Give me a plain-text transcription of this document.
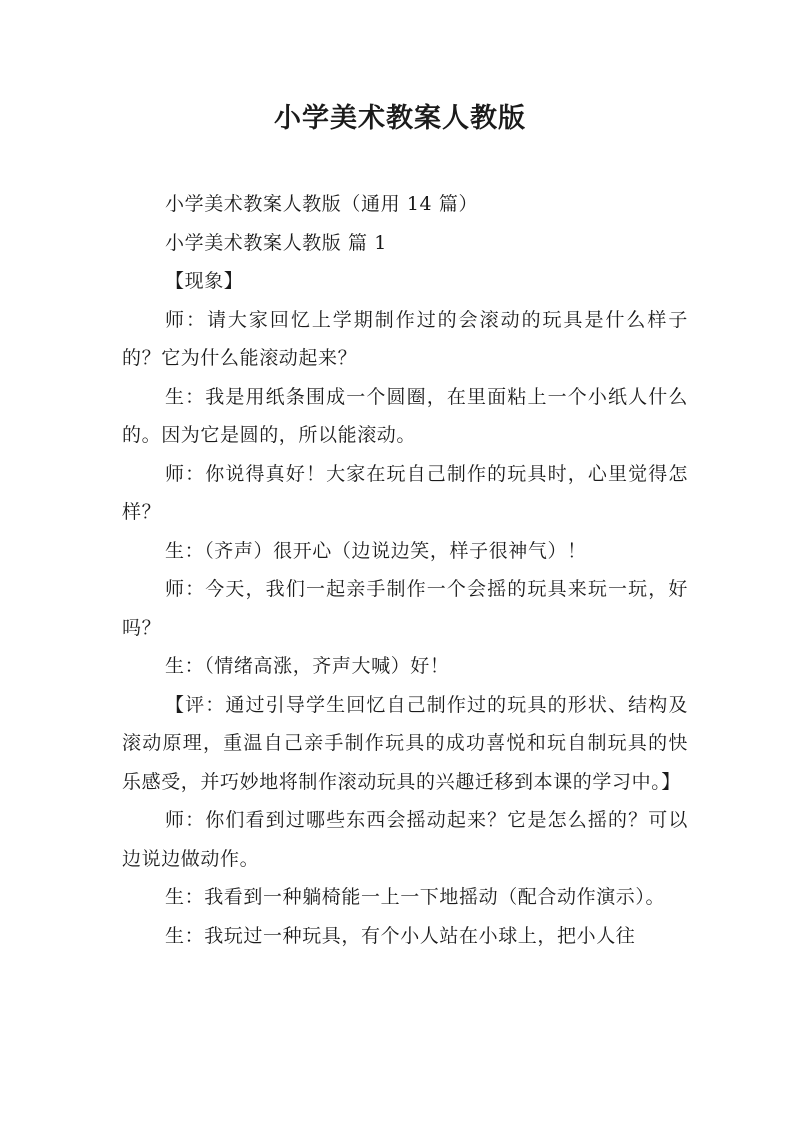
小学美术教案人教版

小学美术教案人教版（通用 14 篇）

小学美术教案人教版 篇 1

【现象】

师：请大家回忆上学期制作过的会滚动的玩具是什么样子的？它为什么能滚动起来？

生：我是用纸条围成一个圆圈，在里面粘上一个小纸人什么的。因为它是圆的，所以能滚动。

师：你说得真好！大家在玩自己制作的玩具时，心里觉得怎样？

生：（齐声）很开心（边说边笑，样子很神气）！

师：今天，我们一起亲手制作一个会摇的玩具来玩一玩，好吗？

生：（情绪高涨，齐声大喊）好！

【评：通过引导学生回忆自己制作过的玩具的形状、结构及滚动原理，重温自己亲手制作玩具的成功喜悦和玩自制玩具的快乐感受，并巧妙地将制作滚动玩具的兴趣迁移到本课的学习中。】

师：你们看到过哪些东西会摇动起来？它是怎么摇的？可以边说边做动作。

生：我看到一种躺椅能一上一下地摇动（配合动作演示）。

生：我玩过一种玩具，有个小人站在小球上，把小人往
